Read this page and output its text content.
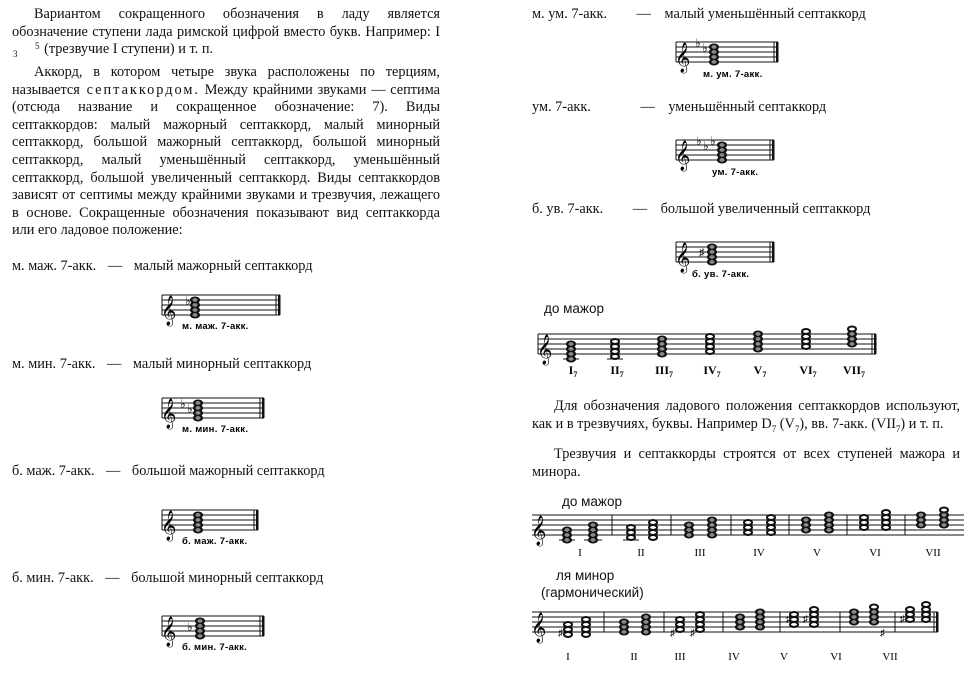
Вариантом сокращенного обозначения в ладу является обозначение ступени лада римской цифрой вместо букв. Например: I5
3 (трезвучие I ступени) и т. п.
Аккорд, в котором четыре звука расположены по терциям, называется септаккордом. Между крайними звуками — септима (отсюда название и сокращенное обозначение: 7). Виды септаккордов: малый мажорный септаккорд, малый минорный септаккорд, большой мажорный септаккорд, большой минорный септаккорд, малый уменьшённый септаккорд, уменьшённый септаккорд, большой увеличенный септаккорд. Виды септаккордов зависят от септимы между крайними звуками и трезвучия, лежащего в основе. Сокращенные обозначения показывают вид септаккорда или его ладовое положение:
м. маж. 7-акк. — малый мажорный септаккорд
м. мин. 7-акк. — малый минорный септаккорд
б. маж. 7-акк. — большой мажорный септаккорд
б. мин. 7-акк. — большой минорный септаккорд
м. ум. 7-акк. — малый уменьшённый септаккорд
ум. 7-акк.	— уменьшённый септаккорд
б. ув. 7-акк. — большой увеличенный септаккорд
𝄞 ♭
м. маж. 7-акк.
𝄞 ♭ ♭
м. мин. 7-акк.
𝄞
б. маж. 7-акк.
𝄞 ♭
б. мин. 7-акк.
𝄞 ♭ ♭
м. ум. 7-акк.
𝄞 ♭ ♭ ♭
ум. 7-акк.
𝄞 ♯
б. ув. 7-акк.
до мажор
𝄞
$I_7$	$II_7$	$III_7$	$IV_7$	$V_7$	$VI_7$ $VII_7$
Для обозначения ладового положения септаккордов используют, как и в трезвучиях, буквы. Например $D_7$ $(V_7)$, вв. 7-акк. $(VII_7)$ и т. п.
Трезвучия и септаккорды строятся от всех ступеней мажора и минора.
до мажор
𝄞
I	II	III	IV	V	VI	VII
ля минор
(гармонический)
𝄞 ♯	♯ ♯
♯ ♯
♯
♯
I	II	III	IV	V	VI	VII
